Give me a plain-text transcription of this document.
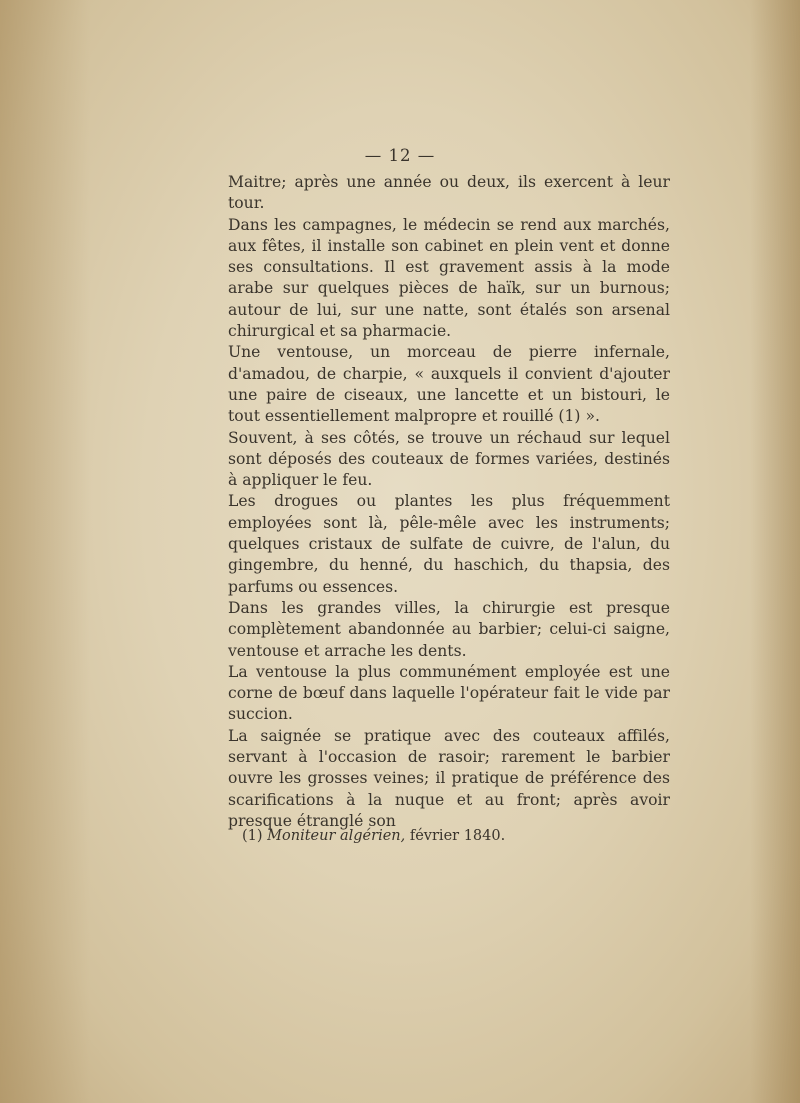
— 12 —

Maitre; après une année ou deux, ils exercent à leur tour.

Dans les campagnes, le médecin se rend aux marchés, aux fêtes, il installe son cabinet en plein vent et donne ses consultations. Il est gravement assis à la mode arabe sur quelques pièces de haïk, sur un burnous; autour de lui, sur une natte, sont étalés son arsenal chirurgical et sa pharmacie.

Une ventouse, un morceau de pierre infernale, d'amadou, de charpie, « auxquels il convient d'ajouter une paire de ciseaux, une lancette et un bistouri, le tout essentiellement malpropre et rouillé (1) ».

Souvent, à ses côtés, se trouve un réchaud sur lequel sont déposés des couteaux de formes variées, destinés à appliquer le feu.

Les drogues ou plantes les plus fréquemment employées sont là, pêle-mêle avec les instruments; quelques cristaux de sulfate de cuivre, de l'alun, du gingembre, du henné, du haschich, du thapsia, des parfums ou essences.

Dans les grandes villes, la chirurgie est presque complètement abandonnée au barbier; celui-ci saigne, ventouse et arrache les dents.

La ventouse la plus communément employée est une corne de bœuf dans laquelle l'opérateur fait le vide par succion.

La saignée se pratique avec des couteaux affilés, servant à l'occasion de rasoir; rarement le barbier ouvre les grosses veines; il pratique de préférence des scarifications à la nuque et au front; après avoir presque étranglé son

(1) Moniteur algérien, février 1840.
